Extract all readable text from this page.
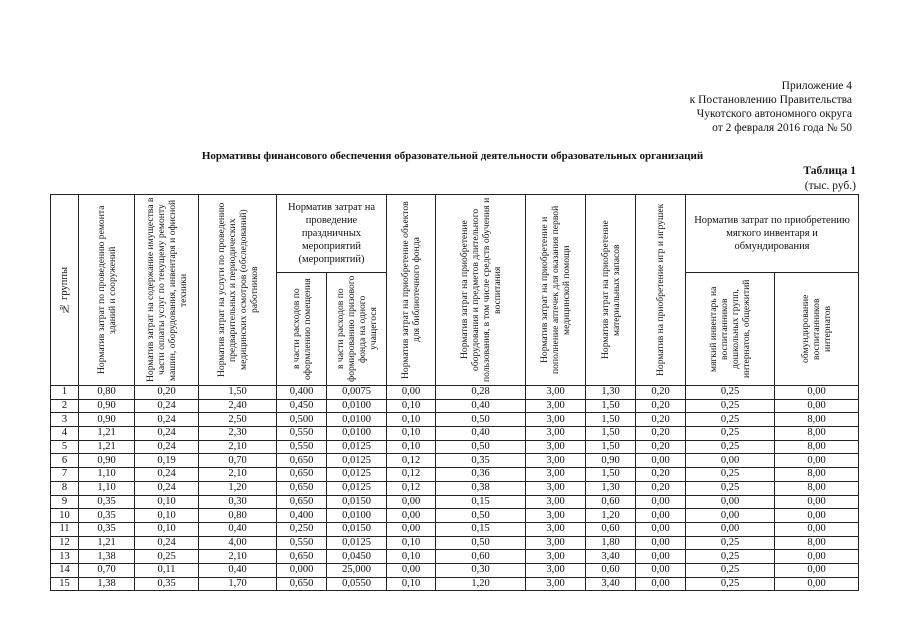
Приложение 4
к Постановлению Правительства
Чукотского автономного округа
от 2 февраля 2016 года № 50
Нормативы финансового обеспечения образовательной деятельности образовательных организаций
Таблица 1
(тыс. руб.)
№ группы	Норматив затрат по проведению ремонта зданий и сооружений	Норматив затрат на содержание имущества в части оплаты услуг по текущему ремонту машин, оборудования, инвентаря и офисной техники	Норматив затрат на услуги по проведению предварительных и периодических медицинских осмотров (обследований) работников	Норматив затрат на проведение праздничных мероприятий (мероприятий)		Норматив затрат на приобретение объектов для библиотечного фонда	Норматив затрат на приобретение оборудования и предметов длительного пользования, в том числе средств обучения и воспитания	Норматив затрат на приобретение и пополнение аптечек для оказания первой медицинской помощи	Норматив затрат на приобретение материальных запасов	Норматив на приобретение игр и игрушек	Норматив затрат по приобретению мягкого инвентаря и обмундирования	

				в части расходов по оформлению помещения	в части расходов по формированию призового фонда на одного учащегося						мягкий инвентарь на воспитанников дошкольных групп, интернатов, общежитий	обмундирование воспитанников интернатов

1	0,80	0,20	1,50	0,400	0,0075	0,00	0,28	3,00	1,30	0,20	0,25	0,00
2	0,90	0,24	2,40	0,450	0,0100	0,10	0,40	3,00	1,50	0,20	0,25	0,00
3	0,90	0,24	2,50	0,500	0,0100	0,10	0,50	3,00	1,50	0,20	0,25	8,00
4	1,21	0,24	2,30	0,550	0,0100	0,10	0,40	3,00	1,50	0,20	0,25	8,00
5	1,21	0,24	2,10	0,550	0,0125	0,10	0,50	3,00	1,50	0,20	0,25	8,00
6	0,90	0,19	0,70	0,650	0,0125	0,12	0,35	3,00	0,90	0,00	0,00	0,00
7	1,10	0,24	2,10	0,650	0,0125	0,12	0,36	3,00	1,50	0,20	0,25	8,00
8	1,10	0,24	1,20	0,650	0,0125	0,12	0,38	3,00	1,30	0,20	0,25	8,00
9	0,35	0,10	0,30	0,650	0,0150	0,00	0,15	3,00	0,60	0,00	0,00	0,00
10	0,35	0,10	0,80	0,400	0,0100	0,00	0,50	3,00	1,20	0,00	0,00	0,00
11	0,35	0,10	0,40	0,250	0,0150	0,00	0,15	3,00	0,60	0,00	0,00	0,00
12	1,21	0,24	4,00	0,550	0,0125	0,10	0,50	3,00	1,80	0,00	0,25	8,00
13	1,38	0,25	2,10	0,650	0,0450	0,10	0,60	3,00	3,40	0,00	0,25	0,00
14	0,70	0,11	0,40	0,000	25,000	0,00	0,30	3,00	0,60	0,00	0,25	0,00
15	1,38	0,35	1,70	0,650	0,0550	0,10	1,20	3,00	3,40	0,00	0,25	0,00
